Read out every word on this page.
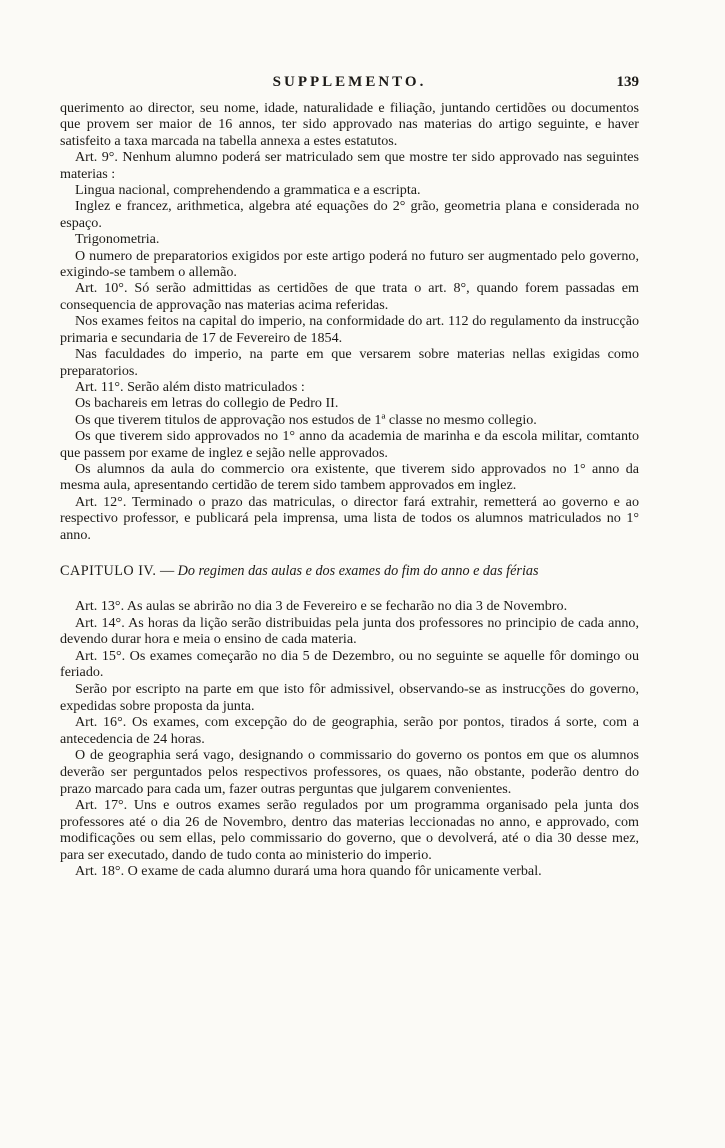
SUPPLEMENTO.	139

querimento ao director, seu nome, idade, naturalidade e filiação, juntando certidões ou documentos que provem ser maior de 16 annos, ter sido approvado nas materias do artigo seguinte, e haver satisfeito a taxa marcada na tabella annexa a estes estatutos.

Art. 9°. Nenhum alumno poderá ser matriculado sem que mostre ter sido approvado nas seguintes materias :

Lingua nacional, comprehendendo a grammatica e a escripta.

Inglez e francez, arithmetica, algebra até equações do 2° grão, geometria plana e considerada no espaço.

Trigonometria.

O numero de preparatorios exigidos por este artigo poderá no futuro ser augmentado pelo governo, exigindo-se tambem o allemão.

Art. 10°. Só serão admittidas as certidões de que trata o art. 8°, quando forem passadas em consequencia de approvação nas materias acima referidas.

Nos exames feitos na capital do imperio, na conformidade do art. 112 do regulamento da instrucção primaria e secundaria de 17 de Fevereiro de 1854.

Nas faculdades do imperio, na parte em que versarem sobre materias nellas exigidas como preparatorios.

Art. 11°. Serão além disto matriculados :

Os bachareis em letras do collegio de Pedro II.

Os que tiverem titulos de approvação nos estudos de 1ª classe no mesmo collegio.

Os que tiverem sido approvados no 1° anno da academia de marinha e da escola militar, comtanto que passem por exame de inglez e sejão nelle approvados.

Os alumnos da aula do commercio ora existente, que tiverem sido approvados no 1° anno da mesma aula, apresentando certidão de terem sido tambem approvados em inglez.

Art. 12°. Terminado o prazo das matriculas, o director fará extrahir, remetterá ao governo e ao respectivo professor, e publicará pela imprensa, uma lista de todos os alumnos matriculados no 1° anno.

CAPITULO IV. — Do regimen das aulas e dos exames do fim do anno e das férias

Art. 13°. As aulas se abrirão no dia 3 de Fevereiro e se fecharão no dia 3 de Novembro.

Art. 14°. As horas da lição serão distribuidas pela junta dos professores no principio de cada anno, devendo durar hora e meia o ensino de cada materia.

Art. 15°. Os exames começarão no dia 5 de Dezembro, ou no seguinte se aquelle fôr domingo ou feriado.

Serão por escripto na parte em que isto fôr admissivel, observando-se as instrucções do governo, expedidas sobre proposta da junta.

Art. 16°. Os exames, com excepção do de geographia, serão por pontos, tirados á sorte, com a antecedencia de 24 horas.

O de geographia será vago, designando o commissario do governo os pontos em que os alumnos deverão ser perguntados pelos respectivos professores, os quaes, não obstante, poderão dentro do prazo marcado para cada um, fazer outras perguntas que julgarem convenientes.

Art. 17°. Uns e outros exames serão regulados por um programma organisado pela junta dos professores até o dia 26 de Novembro, dentro das materias leccionadas no anno, e approvado, com modificações ou sem ellas, pelo commissario do governo, que o devolverá, até o dia 30 desse mez, para ser executado, dando de tudo conta ao ministerio do imperio.

Art. 18°. O exame de cada alumno durará uma hora quando fôr unicamente verbal.
